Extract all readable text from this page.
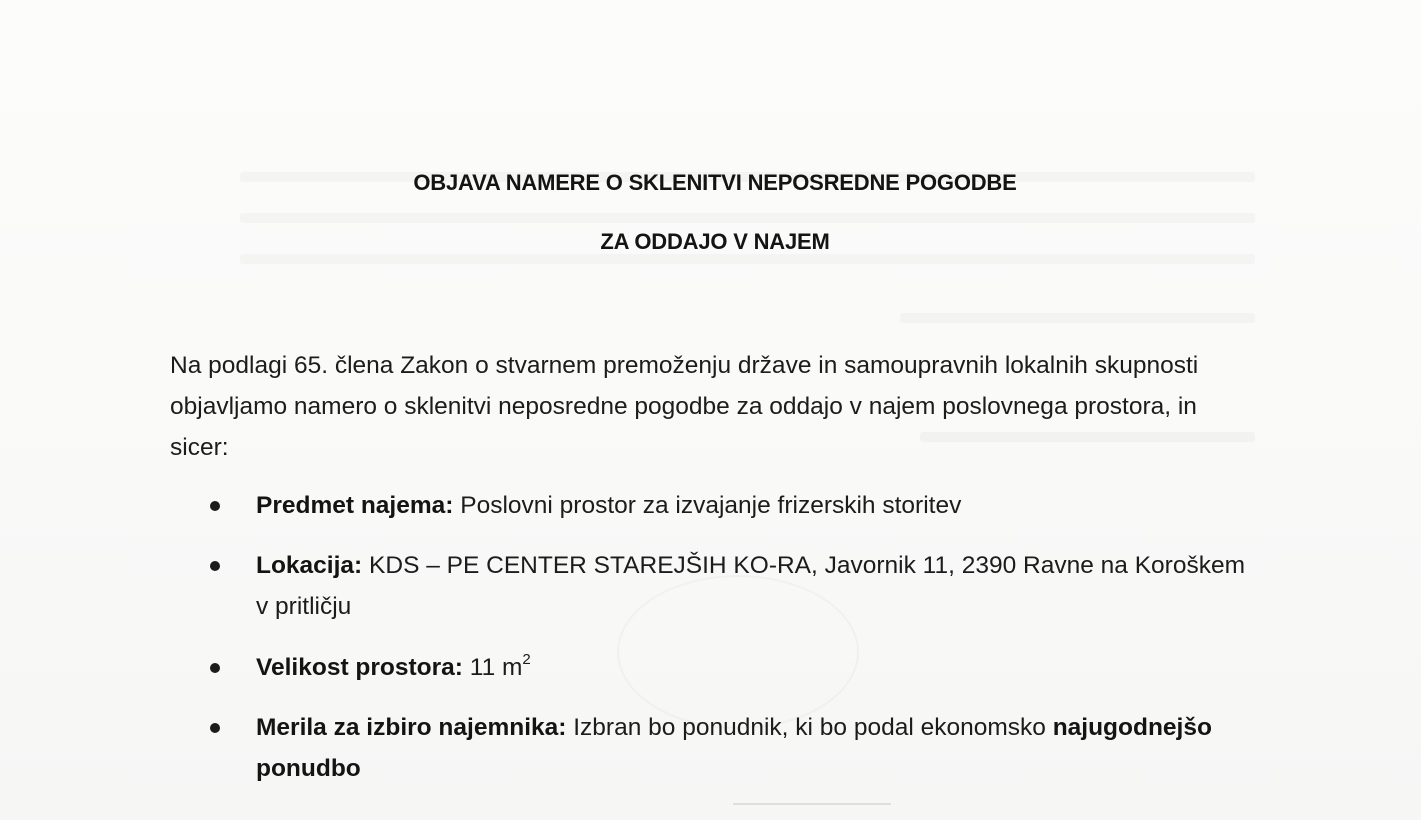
OBJAVA NAMERE O SKLENITVI NEPOSREDNE POGODBE
ZA ODDAJO V NAJEM

Na podlagi 65. člena Zakon o stvarnem premoženju države in samoupravnih lokalnih skupnosti objavljamo namero o sklenitvi neposredne pogodbe za oddajo v najem poslovnega prostora, in sicer:

Predmet najema: Poslovni prostor za izvajanje frizerskih storitev
Lokacija: KDS – PE CENTER STAREJŠIH KO-RA, Javornik 11, 2390 Ravne na Koroškem v pritličju
Velikost prostora: 11 $m^2$
Merila za izbiro najemnika: Izbran bo ponudnik, ki bo podal ekonomsko najugodnejšo ponudbo
